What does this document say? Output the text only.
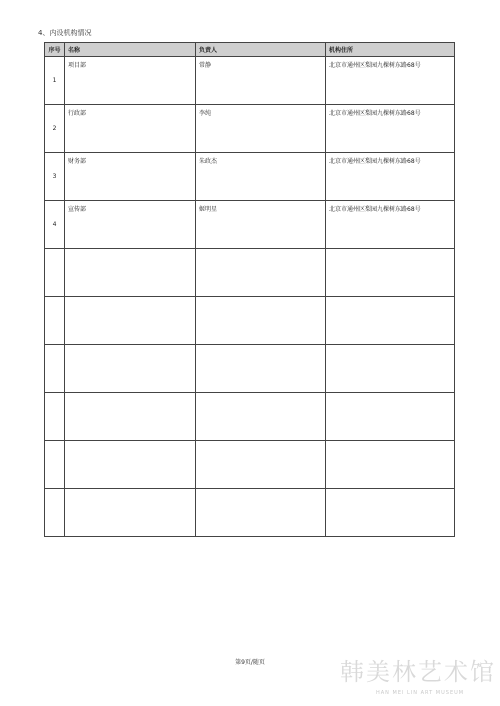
4、内设机构情况
序号	名称	负责人	机构住所
1	项目部	常静	北京市通州区梨园九棵树东路68号
2	行政部	李纯	北京市通州区梨园九棵树东路68号
3	财务部	朱政杰	北京市通州区梨园九棵树东路68号
4	宣传部	姬明星	北京市通州区梨园九棵树东路68号

第9页/随页	韩美林艺术馆
HAN MEI LIN ART MUSEUM
